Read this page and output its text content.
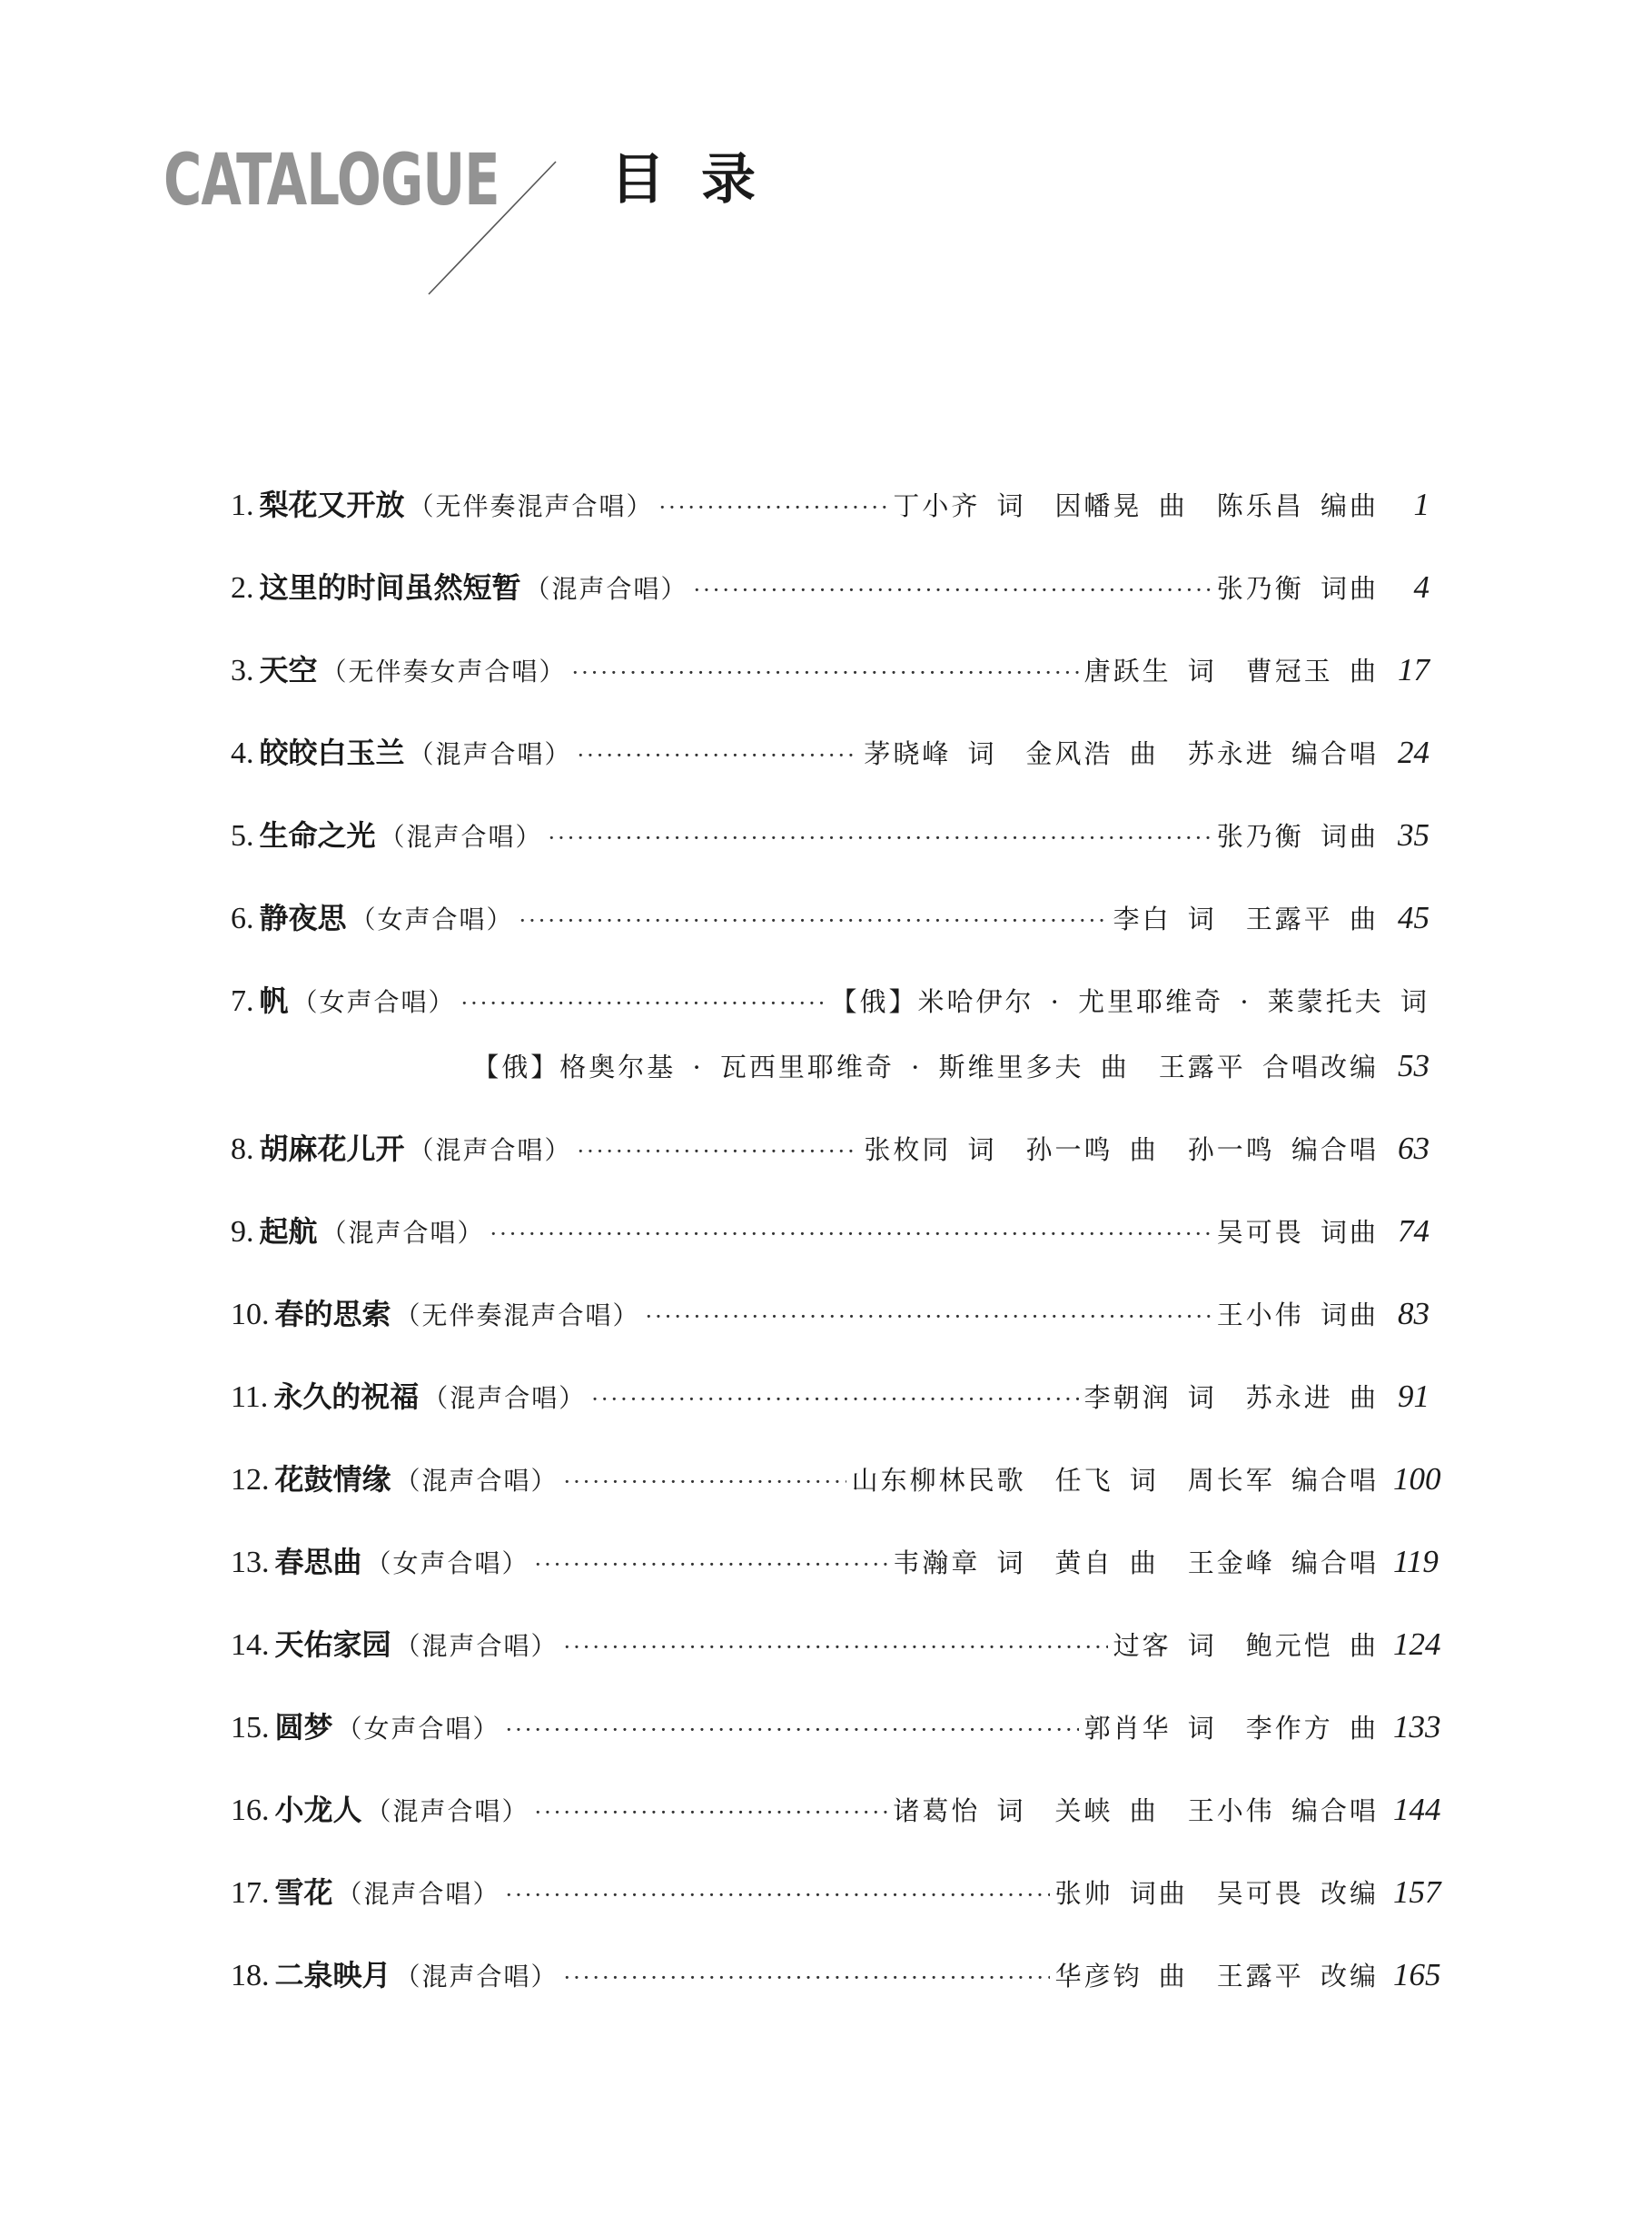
CATALOGUE 目录
1. 梨花又开放 （无伴奏混声合唱） ·····	丁小齐 词　因幡晃 曲　陈乐昌 编曲	1
2. 这里的时间虽然短暂 （混声合唱） ·····	张乃衡 词曲	4
3. 天空 （无伴奏女声合唱） ·····	唐跃生 词　曹冠玉 曲 17
4. 皎皎白玉兰 （混声合唱） ·····	茅晓峰 词　金风浩 曲　苏永进 编合唱 24
5. 生命之光 （混声合唱） ·····	张乃衡 词曲 35
6. 静夜思 （女声合唱） ·····	李白 词　王露平 曲 45
7. 帆 （女声合唱） ·····	【俄】米哈伊尔 · 尤里耶维奇 · 莱蒙托夫 词
【俄】格奥尔基 · 瓦西里耶维奇 · 斯维里多夫 曲　王露平 合唱改编 53
8. 胡麻花儿开 （混声合唱） ·····	张枚同 词　孙一鸣 曲　孙一鸣 编合唱 63
9. 起航 （混声合唱） ·····	吴可畏 词曲 74
10. 春的思索 （无伴奏混声合唱） ·····	王小伟 词曲 83
11. 永久的祝福 （混声合唱） ·····	李朝润 词　苏永进 曲 91
12. 花鼓情缘 （混声合唱） ·····	山东柳林民歌　任飞 词　周长军 编合唱 100
13. 春思曲 （女声合唱） ·····	韦瀚章 词　黄自 曲　王金峰 编合唱 119
14. 天佑家园 （混声合唱） ·····	过客 词　鲍元恺 曲 124
15. 圆梦 （女声合唱） ·····	郭肖华 词　李作方 曲 133
16. 小龙人 （混声合唱） ·····	诸葛怡 词　关峡 曲　王小伟 编合唱 144
17. 雪花 （混声合唱） ·····	张帅 词曲　吴可畏 改编 157
18. 二泉映月 （混声合唱） ·····	华彦钧 曲　王露平 改编 165
